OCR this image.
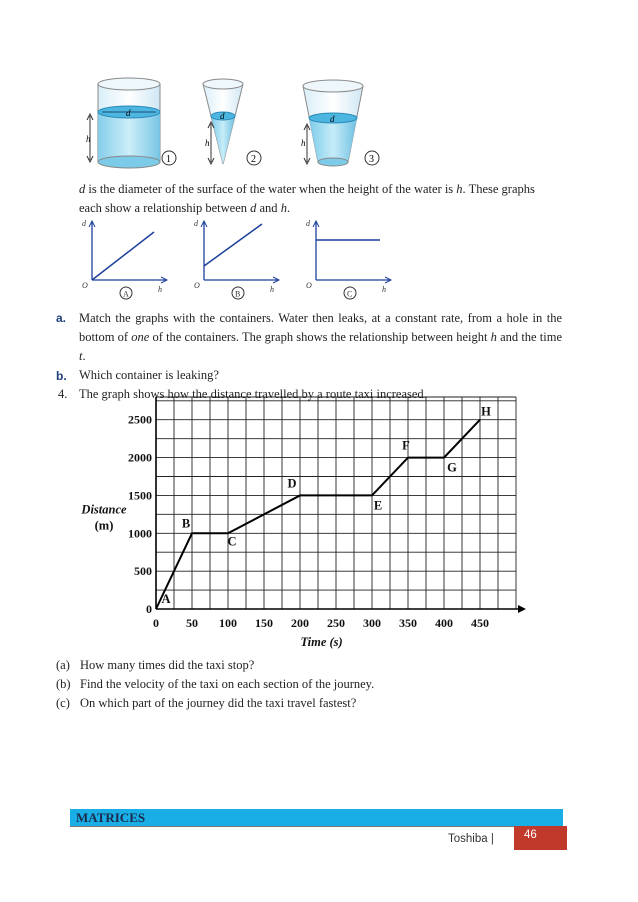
d
h
1
d
h
2
d
h
3
d is the diameter of the surface of the water when the height of the water is h. These graphs
each show a relationship between d and h.
d
h
O
A
d
h
O
B
d
h
O
C
a. Match the graphs with the containers. Water then leaks, at a constant rate, from a hole in the bottom of one of the containers. The graph shows the relationship between height h and the time t.
b. Which container is leaking?
4. The graph shows how the distance travelled by a route taxi increased.
0 50 100 150 200 250 300 350 400 450
0
500
1000
1500
2000
2500
Time (s)
Distance
(m)
A
B
C
D
E
F
G
H
(a) How many times did the taxi stop?
(b) Find the velocity of the taxi on each section of the journey.
(c) On which part of the journey did the taxi travel fastest?
MATRICES
Toshiba |	46
